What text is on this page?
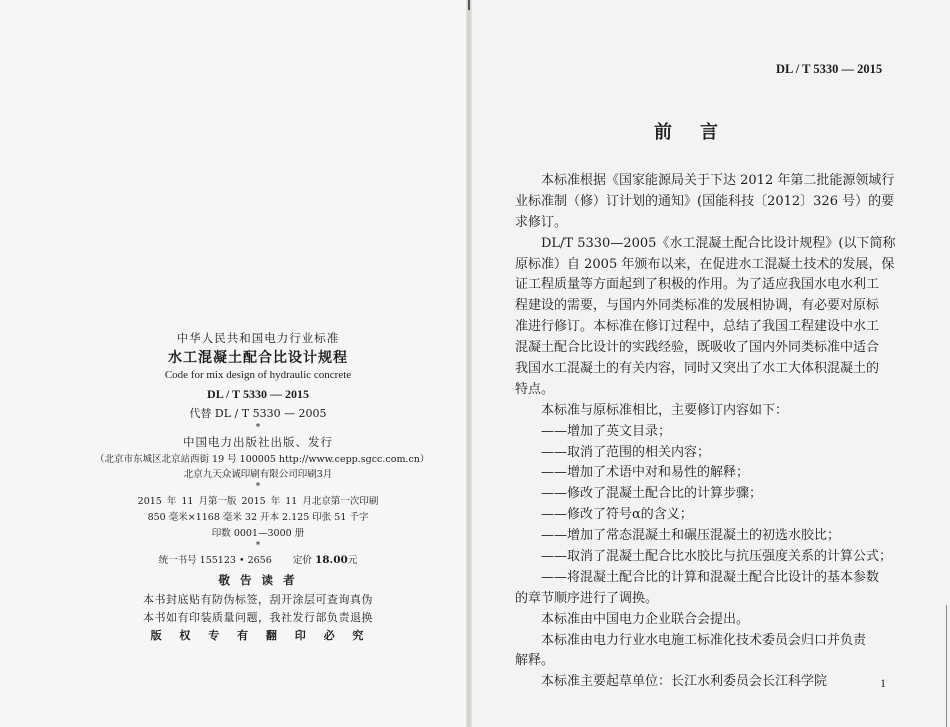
中华人民共和国电力行业标准

水工混凝土配合比设计规程

Code for mix design of hydraulic concrete

DL / T 5330 — 2015

代替 DL / T 5330 — 2005

*

中国电力出版社出版、发行

（北京市东城区北京站西街 19 号 100005 http://www.cepp.sgcc.com.cn）

北京九天众诚印刷有限公司印刷3月

*

2015 年 11 月第一版 2015 年 11 月北京第一次印刷

850 毫米×1168 毫米 32 开本 2.125 印张 51 千字

印数 0001—3000 册

*

统一书号 155123 • 2656 定价 18.00元

敬 告 读 者

本书封底贴有防伪标签，刮开涂层可查询真伪

本书如有印装质量问题，我社发行部负责退换

版 权 专 有 翻 印 必 究

DL / T 5330 — 2015
前言

本标准根据《国家能源局关于下达 2012 年第二批能源领域行

业标准制（修）订计划的通知》(国能科技〔2012〕326 号）的要

求修订。

DL/T 5330—2005《水工混凝土配合比设计规程》(以下简称

原标准）自 2005 年颁布以来，在促进水工混凝土技术的发展，保

证工程质量等方面起到了积极的作用。为了适应我国水电水利工

程建设的需要，与国内外同类标准的发展相协调，有必要对原标

准进行修订。本标准在修订过程中，总结了我国工程建设中水工

混凝土配合比设计的实践经验，既吸收了国内外同类标准中适合

我国水工混凝土的有关内容，同时又突出了水工大体积混凝土的

特点。

本标准与原标准相比，主要修订内容如下：

——增加了英文目录；

——取消了范围的相关内容；

——增加了术语中对和易性的解释；

——修改了混凝土配合比的计算步骤；

——修改了符号α的含义；

——增加了常态混凝土和碾压混凝土的初选水胶比；

——取消了混凝土配合比水胶比与抗压强度关系的计算公式；

——将混凝土配合比的计算和混凝土配合比设计的基本参数

的章节顺序进行了调换。

本标准由中国电力企业联合会提出。

本标准由电力行业水电施工标准化技术委员会归口并负责

解释。

本标准主要起草单位：长江水利委员会长江科学院	1
